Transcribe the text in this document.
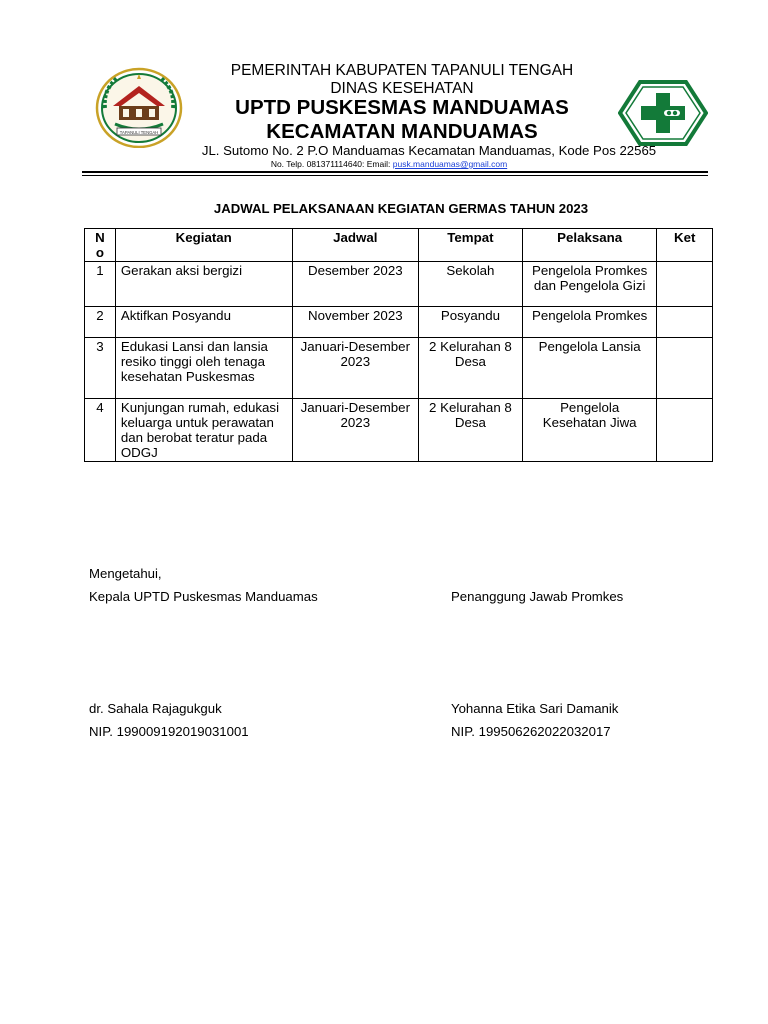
TAPANULI TENGAH
PEMERINTAH KABUPATEN TAPANULI TENGAH
DINAS KESEHATAN
UPTD PUSKESMAS MANDUAMAS
KECAMATAN MANDUAMAS
JL. Sutomo No. 2 P.O Manduamas Kecamatan Manduamas, Kode Pos 22565
No. Telp. 081371114640: Email: pusk.manduamas@gmail.com
JADWAL PELAKSANAAN KEGIATAN GERMAS TAHUN 2023
N
o	Kegiatan	Jadwal	Tempat	Pelaksana	Ket
1	Gerakan aksi bergizi	Desember 2023	Sekolah	Pengelola Promkes dan Pengelola Gizi	
2	Aktifkan Posyandu	November 2023	Posyandu	Pengelola Promkes	
3	Edukasi Lansi dan lansia resiko tinggi oleh tenaga kesehatan Puskesmas	Januari-Desember 2023	2 Kelurahan 8 Desa	Pengelola Lansia	
4	Kunjungan rumah, edukasi keluarga untuk perawatan dan berobat teratur pada ODGJ	Januari-Desember 2023	2 Kelurahan 8 Desa	Pengelola Kesehatan Jiwa	
Mengetahui,
Kepala UPTD Puskesmas Manduamas	Penanggung Jawab Promkes
dr. Sahala Rajagukguk	Yohanna Etika Sari Damanik
NIP. 199009192019031001	NIP. 199506262022032017
